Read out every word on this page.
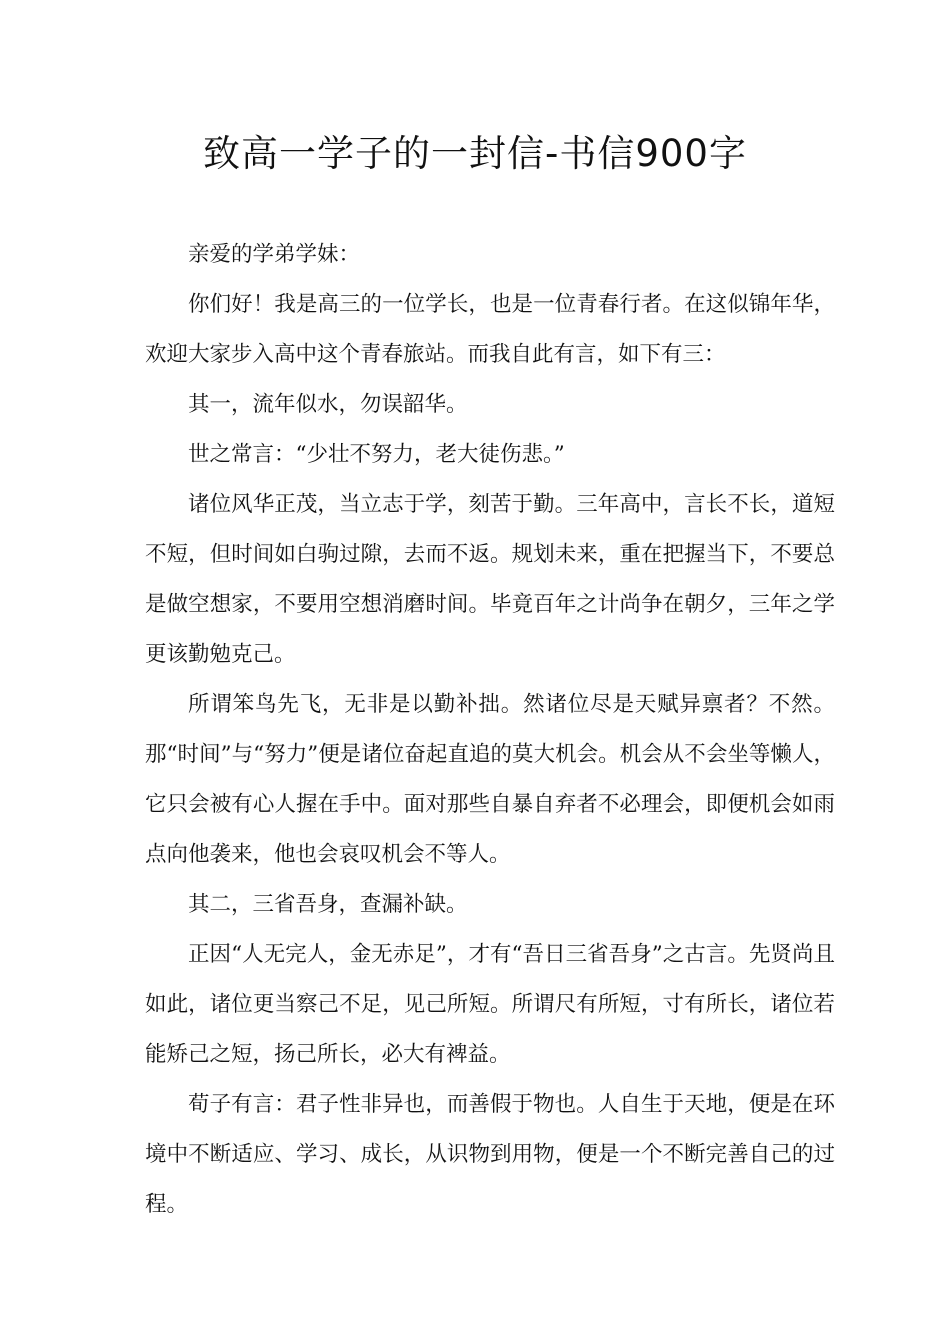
致高一学子的一封信-书信900字

亲爱的学弟学妹：

你们好！我是高三的一位学长，也是一位青春行者。在这似锦年华，欢迎大家步入高中这个青春旅站。而我自此有言，如下有三：

其一，流年似水，勿误韶华。

世之常言：“少壮不努力，老大徒伤悲。”

诸位风华正茂，当立志于学，刻苦于勤。三年高中，言长不长，道短不短，但时间如白驹过隙，去而不返。规划未来，重在把握当下，不要总是做空想家，不要用空想消磨时间。毕竟百年之计尚争在朝夕，三年之学更该勤勉克己。

所谓笨鸟先飞，无非是以勤补拙。然诸位尽是天赋异禀者？不然。那“时间”与“努力”便是诸位奋起直追的莫大机会。机会从不会坐等懒人，它只会被有心人握在手中。面对那些自暴自弃者不必理会，即便机会如雨点向他袭来，他也会哀叹机会不等人。

其二，三省吾身，查漏补缺。

正因“人无完人，金无赤足”，才有“吾日三省吾身”之古言。先贤尚且如此，诸位更当察己不足，见己所短。所谓尺有所短，寸有所长，诸位若能矫己之短，扬己所长，必大有裨益。

荀子有言：君子性非异也，而善假于物也。人自生于天地，便是在环境中不断适应、学习、成长，从识物到用物，便是一个不断完善自己的过程。
